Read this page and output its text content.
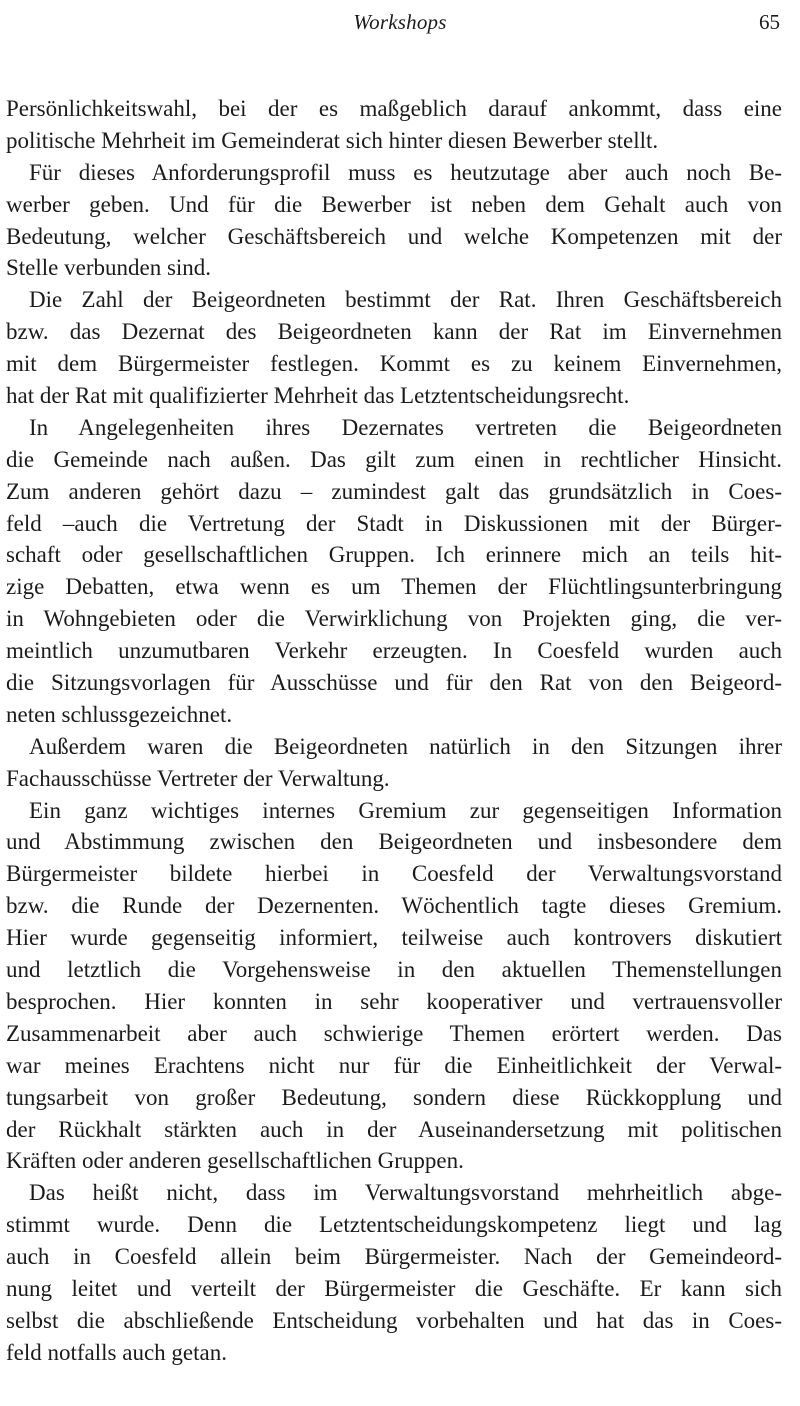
Workshops	65

Persönlichkeitswahl, bei der es maßgeblich darauf ankommt, dass eine
politische Mehrheit im Gemeinderat sich hinter diesen Bewerber stellt.

Für dieses Anforderungsprofil muss es heutzutage aber auch noch Be-
werber geben. Und für die Bewerber ist neben dem Gehalt auch von
Bedeutung, welcher Geschäftsbereich und welche Kompetenzen mit der
Stelle verbunden sind.

Die Zahl der Beigeordneten bestimmt der Rat. Ihren Geschäftsbereich
bzw. das Dezernat des Beigeordneten kann der Rat im Einvernehmen
mit dem Bürgermeister festlegen. Kommt es zu keinem Einvernehmen,
hat der Rat mit qualifizierter Mehrheit das Letztentscheidungsrecht.

In Angelegenheiten ihres Dezernates vertreten die Beigeordneten
die Gemeinde nach außen. Das gilt zum einen in rechtlicher Hinsicht.
Zum anderen gehört dazu – zumindest galt das grundsätzlich in Coes-
feld –auch die Vertretung der Stadt in Diskussionen mit der Bürger-
schaft oder gesellschaftlichen Gruppen. Ich erinnere mich an teils hit-
zige Debatten, etwa wenn es um Themen der Flüchtlingsunterbringung
in Wohngebieten oder die Verwirklichung von Projekten ging, die ver-
meintlich unzumutbaren Verkehr erzeugten. In Coesfeld wurden auch
die Sitzungsvorlagen für Ausschüsse und für den Rat von den Beigeord-
neten schlussgezeichnet.

Außerdem waren die Beigeordneten natürlich in den Sitzungen ihrer
Fachausschüsse Vertreter der Verwaltung.

Ein ganz wichtiges internes Gremium zur gegenseitigen Information
und Abstimmung zwischen den Beigeordneten und insbesondere dem
Bürgermeister bildete hierbei in Coesfeld der Verwaltungsvorstand
bzw. die Runde der Dezernenten. Wöchentlich tagte dieses Gremium.
Hier wurde gegenseitig informiert, teilweise auch kontrovers diskutiert
und letztlich die Vorgehensweise in den aktuellen Themenstellungen
besprochen. Hier konnten in sehr kooperativer und vertrauensvoller
Zusammenarbeit aber auch schwierige Themen erörtert werden. Das
war meines Erachtens nicht nur für die Einheitlichkeit der Verwal-
tungsarbeit von großer Bedeutung, sondern diese Rückkopplung und
der Rückhalt stärkten auch in der Auseinandersetzung mit politischen
Kräften oder anderen gesellschaftlichen Gruppen.

Das heißt nicht, dass im Verwaltungsvorstand mehrheitlich abge-
stimmt wurde. Denn die Letztentscheidungskompetenz liegt und lag
auch in Coesfeld allein beim Bürgermeister. Nach der Gemeindeord-
nung leitet und verteilt der Bürgermeister die Geschäfte. Er kann sich
selbst die abschließende Entscheidung vorbehalten und hat das in Coes-
feld notfalls auch getan.
